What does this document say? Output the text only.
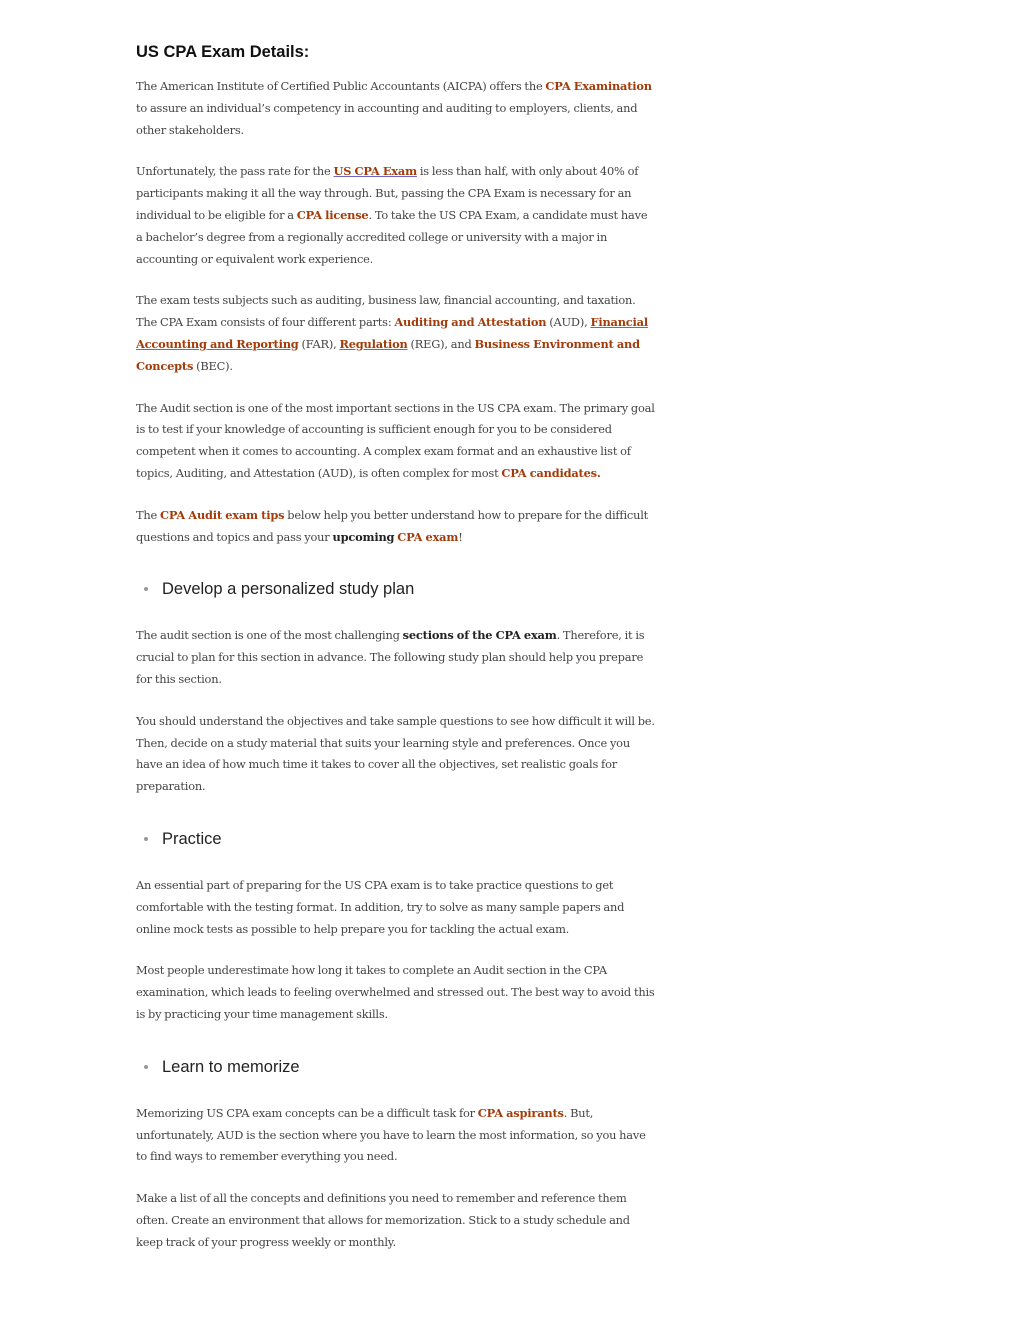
US CPA Exam Details:

The American Institute of Certified Public Accountants (AICPA) offers the CPA Examination to assure an individual’s competency in accounting and auditing to employers, clients, and other stakeholders.

Unfortunately, the pass rate for the US CPA Exam is less than half, with only about 40% of participants making it all the way through. But, passing the CPA Exam is necessary for an individual to be eligible for a CPA license. To take the US CPA Exam, a candidate must have a bachelor’s degree from a regionally accredited college or university with a major in accounting or equivalent work experience.

The exam tests subjects such as auditing, business law, financial accounting, and taxation. The CPA Exam consists of four different parts: Auditing and Attestation (AUD), Financial Accounting and Reporting (FAR), Regulation (REG), and Business Environment and Concepts (BEC).

The Audit section is one of the most important sections in the US CPA exam. The primary goal is to test if your knowledge of accounting is sufficient enough for you to be considered competent when it comes to accounting. A complex exam format and an exhaustive list of topics, Auditing, and Attestation (AUD), is often complex for most CPA candidates.

The CPA Audit exam tips below help you better understand how to prepare for the difficult questions and topics and pass your upcoming CPA exam!

Develop a personalized study plan

The audit section is one of the most challenging sections of the CPA exam. Therefore, it is crucial to plan for this section in advance. The following study plan should help you prepare for this section.

You should understand the objectives and take sample questions to see how difficult it will be. Then, decide on a study material that suits your learning style and preferences. Once you have an idea of how much time it takes to cover all the objectives, set realistic goals for preparation.

Practice

An essential part of preparing for the US CPA exam is to take practice questions to get comfortable with the testing format. In addition, try to solve as many sample papers and online mock tests as possible to help prepare you for tackling the actual exam.

Most people underestimate how long it takes to complete an Audit section in the CPA examination, which leads to feeling overwhelmed and stressed out. The best way to avoid this is by practicing your time management skills.

Learn to memorize

Memorizing US CPA exam concepts can be a difficult task for CPA aspirants. But, unfortunately, AUD is the section where you have to learn the most information, so you have to find ways to remember everything you need.

Make a list of all the concepts and definitions you need to remember and reference them often. Create an environment that allows for memorization. Stick to a study schedule and keep track of your progress weekly or monthly.
